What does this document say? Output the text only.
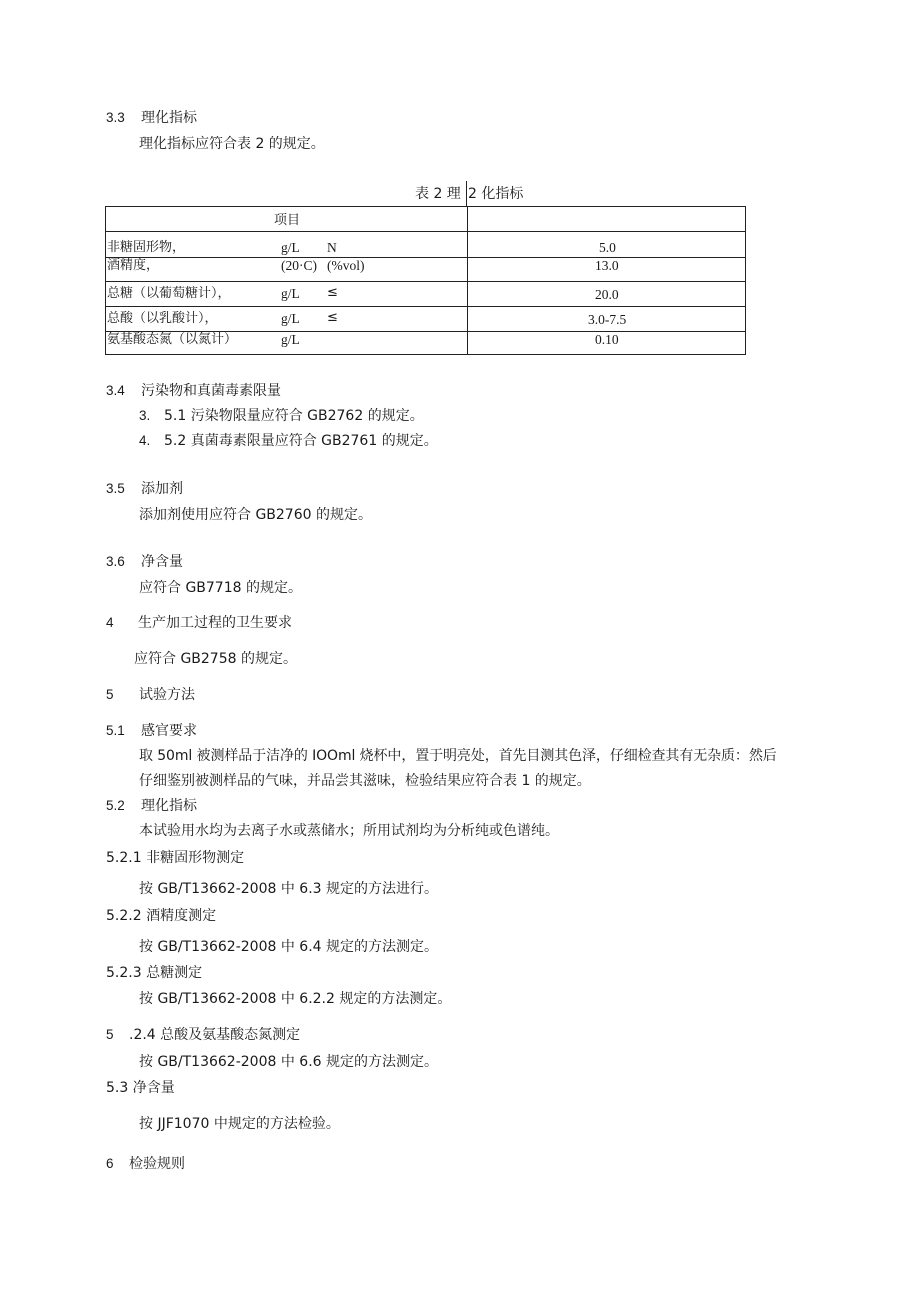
3.3 理化指标
理化指标应符合表 2 的规定。
表 2 理 2 化指标
项目
非糖固形物，	g/L N	5.0
酒精度，	(20·C) (%vol)	13.0
总糖（以葡萄糖计），	g/L ≤	20.0
总酸（以乳酸计），	g/L ≤	3.0-7.5
氨基酸态氮（以氮计）	g/L	0.10
3.4 污染物和真菌毒素限量
3. 5.1 污染物限量应符合 GB2762 的规定。
4. 5.2 真菌毒素限量应符合 GB2761 的规定。
3.5 添加剂
添加剂使用应符合 GB2760 的规定。
3.6 净含量
应符合 GB7718 的规定。
4 生产加工过程的卫生要求
应符合 GB2758 的规定。
5 试验方法
5.1 感官要求
取 50ml 被测样品于洁净的 IOOml 烧杯中，置于明亮处，首先目测其色泽，仔细检查其有无杂质：然后
仔细鉴别被测样品的气味，并品尝其滋味，检验结果应符合表 1 的规定。
5.2 理化指标
本试验用水均为去离子水或蒸储水；所用试剂均为分析纯或色谱纯。
5.2.1 非糖固形物测定
按 GB/T13662-2008 中 6.3 规定的方法进行。
5.2.2 酒精度测定
按 GB/T13662-2008 中 6.4 规定的方法测定。
5.2.3 总糖测定
按 GB/T13662-2008 中 6.2.2 规定的方法测定。
5 .2.4 总酸及氨基酸态氮测定
按 GB/T13662-2008 中 6.6 规定的方法测定。
5.3 净含量
按 JJF1070 中规定的方法检验。
6 检验规则
